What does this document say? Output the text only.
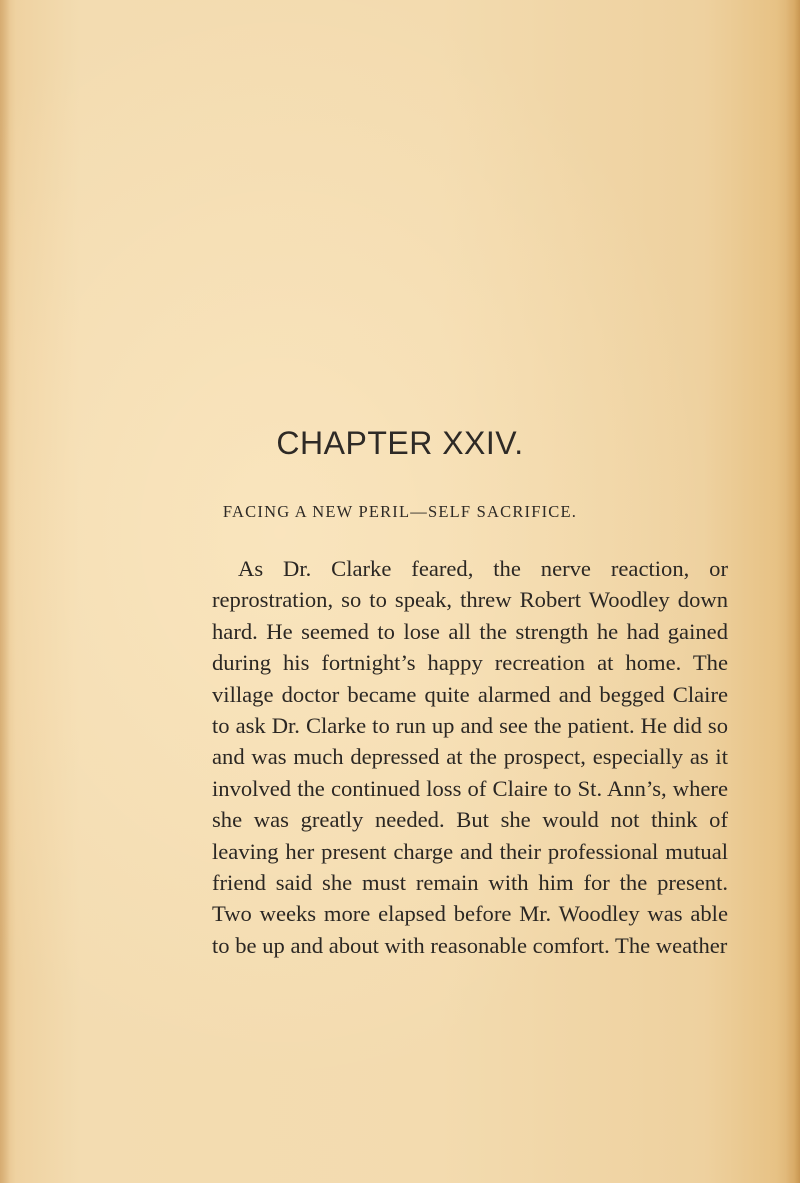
CHAPTER XXIV.
FACING A NEW PERIL—SELF SACRIFICE.

As Dr. Clarke feared, the nerve reaction, or reprostration, so to speak, threw Robert Woodley down hard. He seemed to lose all the strength he had gained during his fortnight’s happy recreation at home. The village doctor became quite alarmed and begged Claire to ask Dr. Clarke to run up and see the patient. He did so and was much depressed at the prospect, especially as it involved the continued loss of Claire to St. Ann’s, where she was greatly needed. But she would not think of leaving her present charge and their professional mutual friend said she must remain with him for the present. Two weeks more elapsed before Mr. Woodley was able to be up and about with reasonable comfort. The weather
